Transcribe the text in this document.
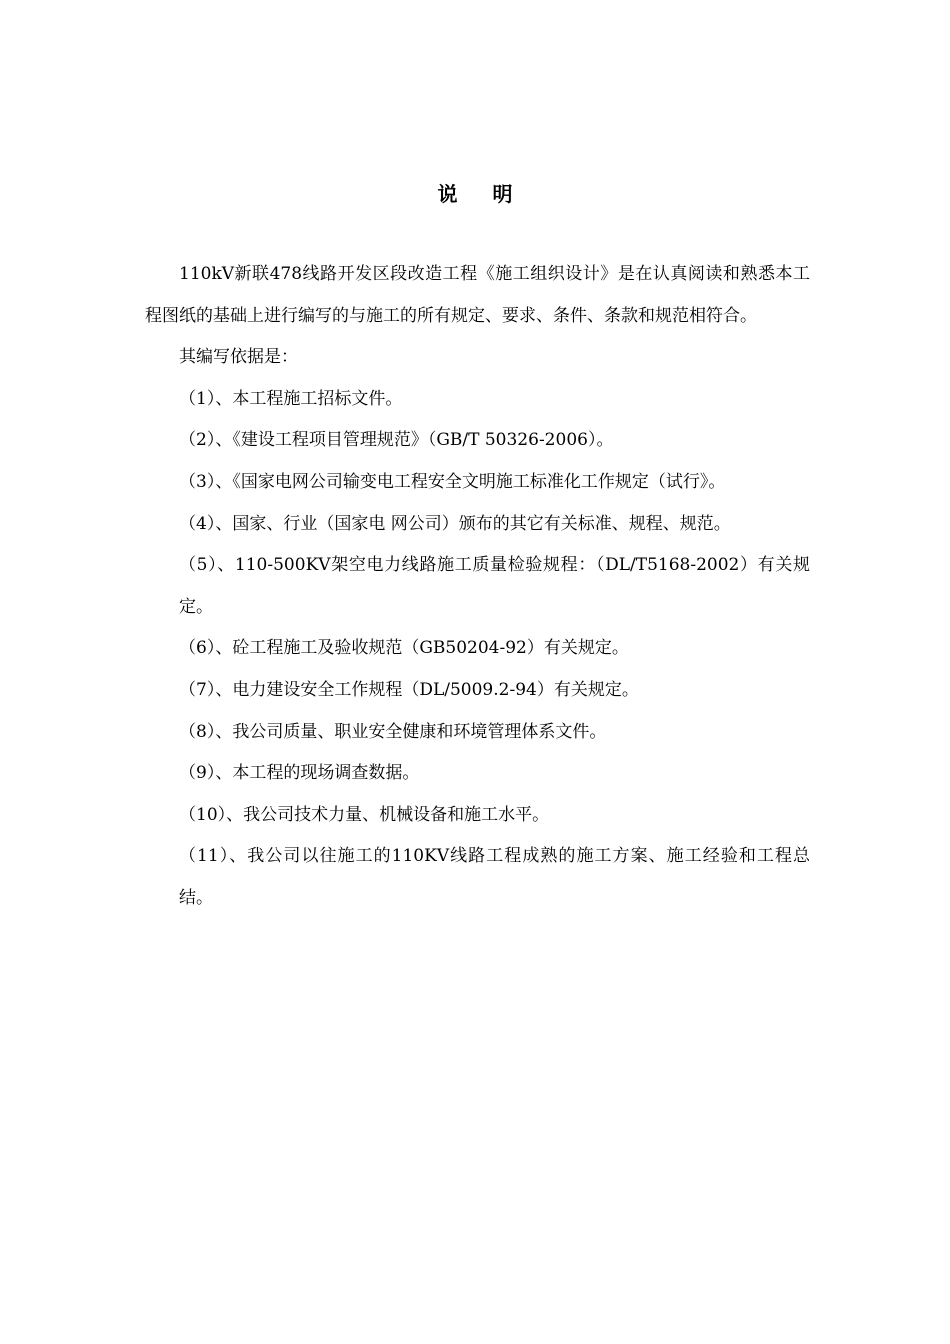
说 明

110kV新联478线路开发区段改造工程《施工组织设计》是在认真阅读和熟悉本工程图纸的基础上进行编写的与施工的所有规定、要求、条件、条款和规范相符合。

其编写依据是：

（1）、本工程施工招标文件。

（2）、《建设工程项目管理规范》（GB/T 50326-2006）。

（3）、《国家电网公司输变电工程安全文明施工标准化工作规定（试行》。

（4）、国家、行业（国家电 网公司）颁布的其它有关标准、规程、规范。

（5）、110-500KV架空电力线路施工质量检验规程：（DL/T5168-2002）有关规定。

（6）、砼工程施工及验收规范（GB50204-92）有关规定。

（7）、电力建设安全工作规程（DL/5009.2-94）有关规定。

（8）、我公司质量、职业安全健康和环境管理体系文件。

（9）、本工程的现场调查数据。

（10）、我公司技术力量、机械设备和施工水平。

（11）、我公司以往施工的110KV线路工程成熟的施工方案、施工经验和工程总结。
